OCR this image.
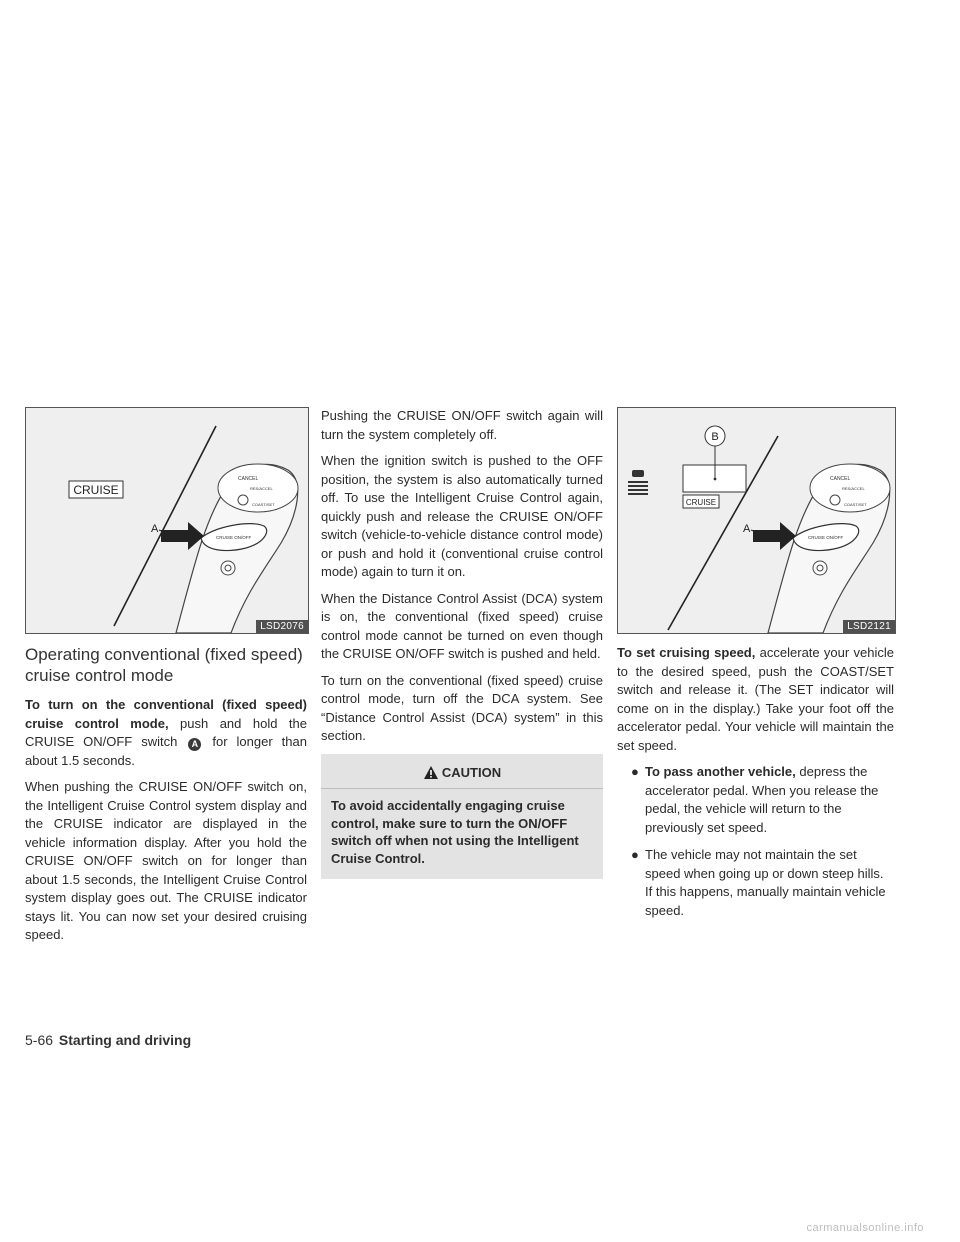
CRUISE
CANCEL
RES/ACCEL
COAST/SET
CRUISE ON/OFF
A
LSD2076
B
CRUISE
CANCEL
RES/ACCEL
COAST/SET
CRUISE ON/OFF
A
LSD2121
Operating conventional (fixed speed) cruise control mode

To turn on the conventional (fixed speed) cruise control mode, push and hold the CRUISE ON/OFF switch A for longer than about 1.5 seconds.

When pushing the CRUISE ON/OFF switch on, the Intelligent Cruise Control system display and the CRUISE indicator are displayed in the vehicle information display. After you hold the CRUISE ON/OFF switch on for longer than about 1.5 seconds, the Intelligent Cruise Control system display goes out. The CRUISE indicator stays lit. You can now set your desired cruising speed.

Pushing the CRUISE ON/OFF switch again will turn the system completely off.

When the ignition switch is pushed to the OFF position, the system is also automatically turned off. To use the Intelligent Cruise Control again, quickly push and release the CRUISE ON/OFF switch (vehicle-to-vehicle distance control mode) or push and hold it (conventional cruise control mode) again to turn it on.

When the Distance Control Assist (DCA) system is on, the conventional (fixed speed) cruise control mode cannot be turned on even though the CRUISE ON/OFF switch is pushed and held.

To turn on the conventional (fixed speed) cruise control mode, turn off the DCA system. See “Distance Control Assist (DCA) system” in this section.

CAUTION
To avoid accidentally engaging cruise control, make sure to turn the ON/OFF switch off when not using the Intelligent Cruise Control.

To set cruising speed, accelerate your vehicle to the desired speed, push the COAST/SET switch and release it. (The SET indicator will come on in the display.) Take your foot off the accelerator pedal. Your vehicle will maintain the set speed.

● To pass another vehicle, depress the accelerator pedal. When you release the pedal, the vehicle will return to the previously set speed.
● The vehicle may not maintain the set speed when going up or down steep hills. If this happens, manually maintain vehicle speed.
5-66 Starting and driving
carmanualsonline.info
